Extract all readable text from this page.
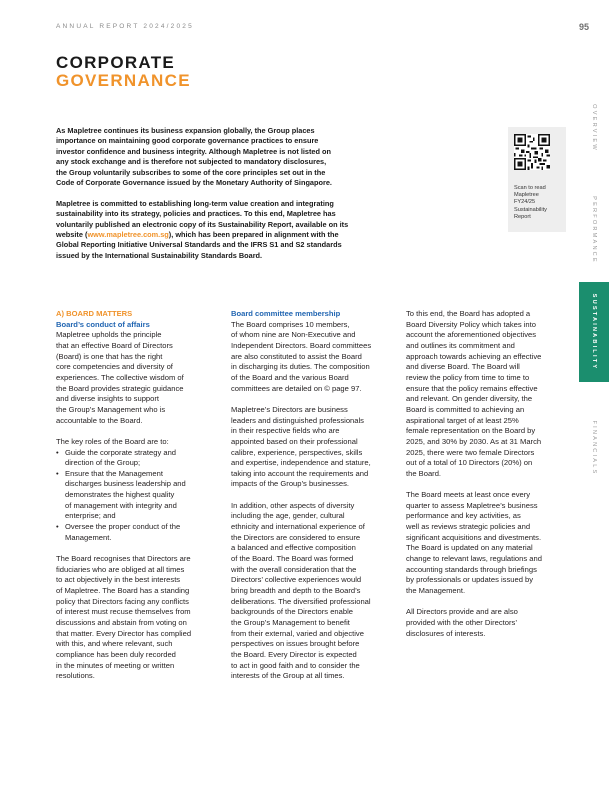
ANNUAL REPORT 2024/2025	95
CORPORATE
GOVERNANCE

As Mapletree continues its business expansion globally, the Group places
importance on maintaining good corporate governance practices to ensure
investor confidence and business integrity. Although Mapletree is not listed on
any stock exchange and is therefore not subjected to mandatory disclosures,
the Group voluntarily subscribes to some of the core principles set out in the
Code of Corporate Governance issued by the Monetary Authority of Singapore.

Mapletree is committed to establishing long-term value creation and integrating
sustainability into its strategy, policies and practices. To this end, Mapletree has
voluntarily published an electronic copy of its Sustainability Report, available on its
website (www.mapletree.com.sg), which has been prepared in alignment with the
Global Reporting Initiative Universal Standards and the IFRS S1 and S2 standards
issued by the International Sustainability Standards Board.

Scan to read
Mapletree
FY24/25
Sustainability
Report
OVERVIEW
PERFORMANCE
SUSTAINABILITY
FINANCIALS
A) BOARD MATTERS
Board’s conduct of affairs
Mapletree upholds the principle
that an effective Board of Directors
(Board) is one that has the right
core competencies and diversity of
experiences. The collective wisdom of
the Board provides strategic guidance
and diverse insights to support
the Group’s Management who is
accountable to the Board.
The key roles of the Board are to:
• Guide the corporate strategy and
direction of the Group;
• Ensure that the Management
discharges business leadership and
demonstrates the highest quality
of management with integrity and
enterprise; and
• Oversee the proper conduct of the
Management.
The Board recognises that Directors are
fiduciaries who are obliged at all times
to act objectively in the best interests
of Mapletree. The Board has a standing
policy that Directors facing any conflicts
of interest must recuse themselves from
discussions and abstain from voting on
that matter. Every Director has complied
with this, and where relevant, such
compliance has been duly recorded
in the minutes of meeting or written
resolutions.
Board committee membership
The Board comprises 10 members,
of whom nine are Non-Executive and
Independent Directors. Board committees
are also constituted to assist the Board
in discharging its duties. The composition
of the Board and the various Board
committees are detailed on © page 97.
Mapletree’s Directors are business
leaders and distinguished professionals
in their respective fields who are
appointed based on their professional
calibre, experience, perspectives, skills
and expertise, independence and stature,
taking into account the requirements and
impacts of the Group’s businesses.
In addition, other aspects of diversity
including the age, gender, cultural
ethnicity and international experience of
the Directors are considered to ensure
a balanced and effective composition
of the Board. The Board was formed
with the overall consideration that the
Directors’ collective experiences would
bring breadth and depth to the Board’s
deliberations. The diversified professional
backgrounds of the Directors enable
the Group’s Management to benefit
from their external, varied and objective
perspectives on issues brought before
the Board. Every Director is expected
to act in good faith and to consider the
interests of the Group at all times.
To this end, the Board has adopted a
Board Diversity Policy which takes into
account the aforementioned objectives
and outlines its commitment and
approach towards achieving an effective
and diverse Board. The Board will
review the policy from time to time to
ensure that the policy remains effective
and relevant. On gender diversity, the
Board is committed to achieving an
aspirational target of at least 25%
female representation on the Board by
2025, and 30% by 2030. As at 31 March
2025, there were two female Directors
out of a total of 10 Directors (20%) on
the Board.
The Board meets at least once every
quarter to assess Mapletree’s business
performance and key activities, as
well as reviews strategic policies and
significant acquisitions and divestments.
The Board is updated on any material
change to relevant laws, regulations and
accounting standards through briefings
by professionals or updates issued by
the Management.
All Directors provide and are also
provided with the other Directors’
disclosures of interests.
